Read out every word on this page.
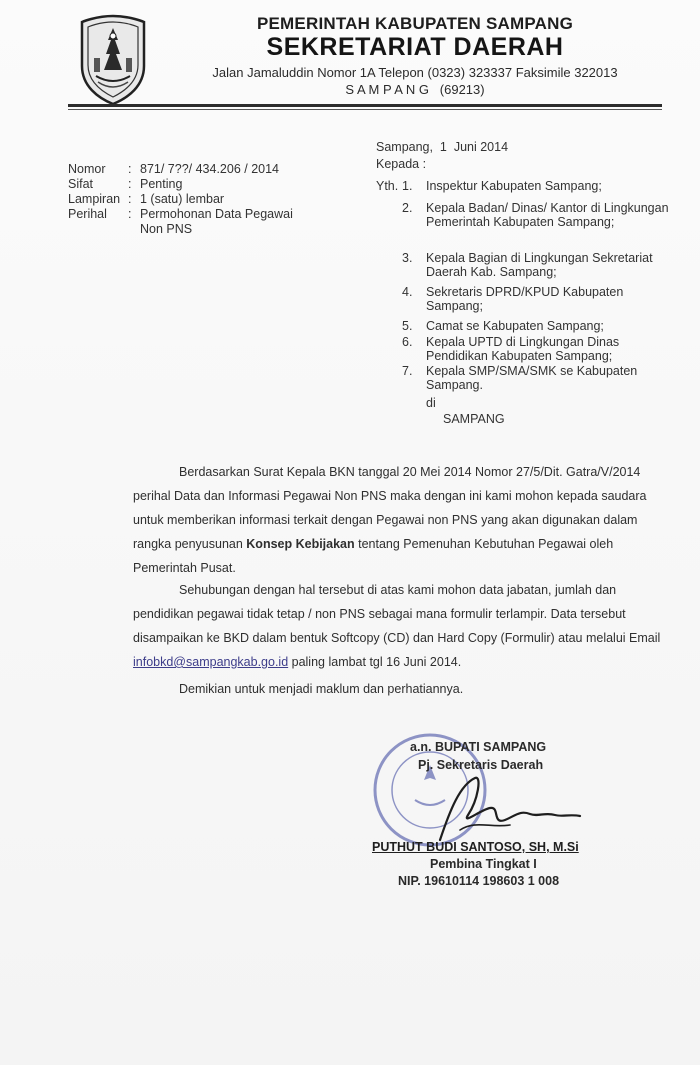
PEMERINTAH KABUPATEN SAMPANG
SEKRETARIAT DAERAH
Jalan Jamaluddin Nomor 1A Telepon (0323) 323337 Faksimile 322013
S A M P A N G   (69213)
Nomor	: 871/ 7??/ 434.206 / 2014
Sifat	: Penting
Lampiran : 1 (satu) lembar
Perihal	: Permohonan Data Pegawai
Non PNS
Sampang,  1  Juni 2014
Kepada :
Yth. 1. Inspektur Kabupaten Sampang;
2. Kepala Badan/ Dinas/ Kantor di Lingkungan Pemerintah Kabupaten Sampang;
3. Kepala Bagian di Lingkungan Sekretariat Daerah Kab. Sampang;
4. Sekretaris DPRD/KPUD Kabupaten Sampang;
5. Camat se Kabupaten Sampang;
6. Kepala UPTD di Lingkungan Dinas Pendidikan Kabupaten Sampang;
7. Kepala SMP/SMA/SMK se Kabupaten Sampang.
di
SAMPANG
Berdasarkan Surat Kepala BKN tanggal 20 Mei 2014 Nomor 27/5/Dit. Gatra/V/2014 perihal Data dan Informasi Pegawai Non PNS maka dengan ini kami mohon kepada saudara untuk memberikan informasi terkait dengan Pegawai non PNS yang akan digunakan dalam rangka penyusunan Konsep Kebijakan tentang Pemenuhan Kebutuhan Pegawai oleh Pemerintah Pusat.
Sehubungan dengan hal tersebut di atas kami mohon data jabatan, jumlah dan pendidikan pegawai tidak tetap / non PNS sebagai mana formulir terlampir. Data tersebut disampaikan ke BKD dalam bentuk Softcopy (CD) dan Hard Copy (Formulir) atau melalui Email infobkd@sampangkab.go.id paling lambat tgl 16 Juni 2014.
Demikian untuk menjadi maklum dan perhatiannya.
a.n. BUPATI SAMPANG
Pj. Sekretaris Daerah
PUTHUT BUDI SANTOSO, SH, M.Si
Pembina Tingkat I
NIP. 19610114 198603 1 008
